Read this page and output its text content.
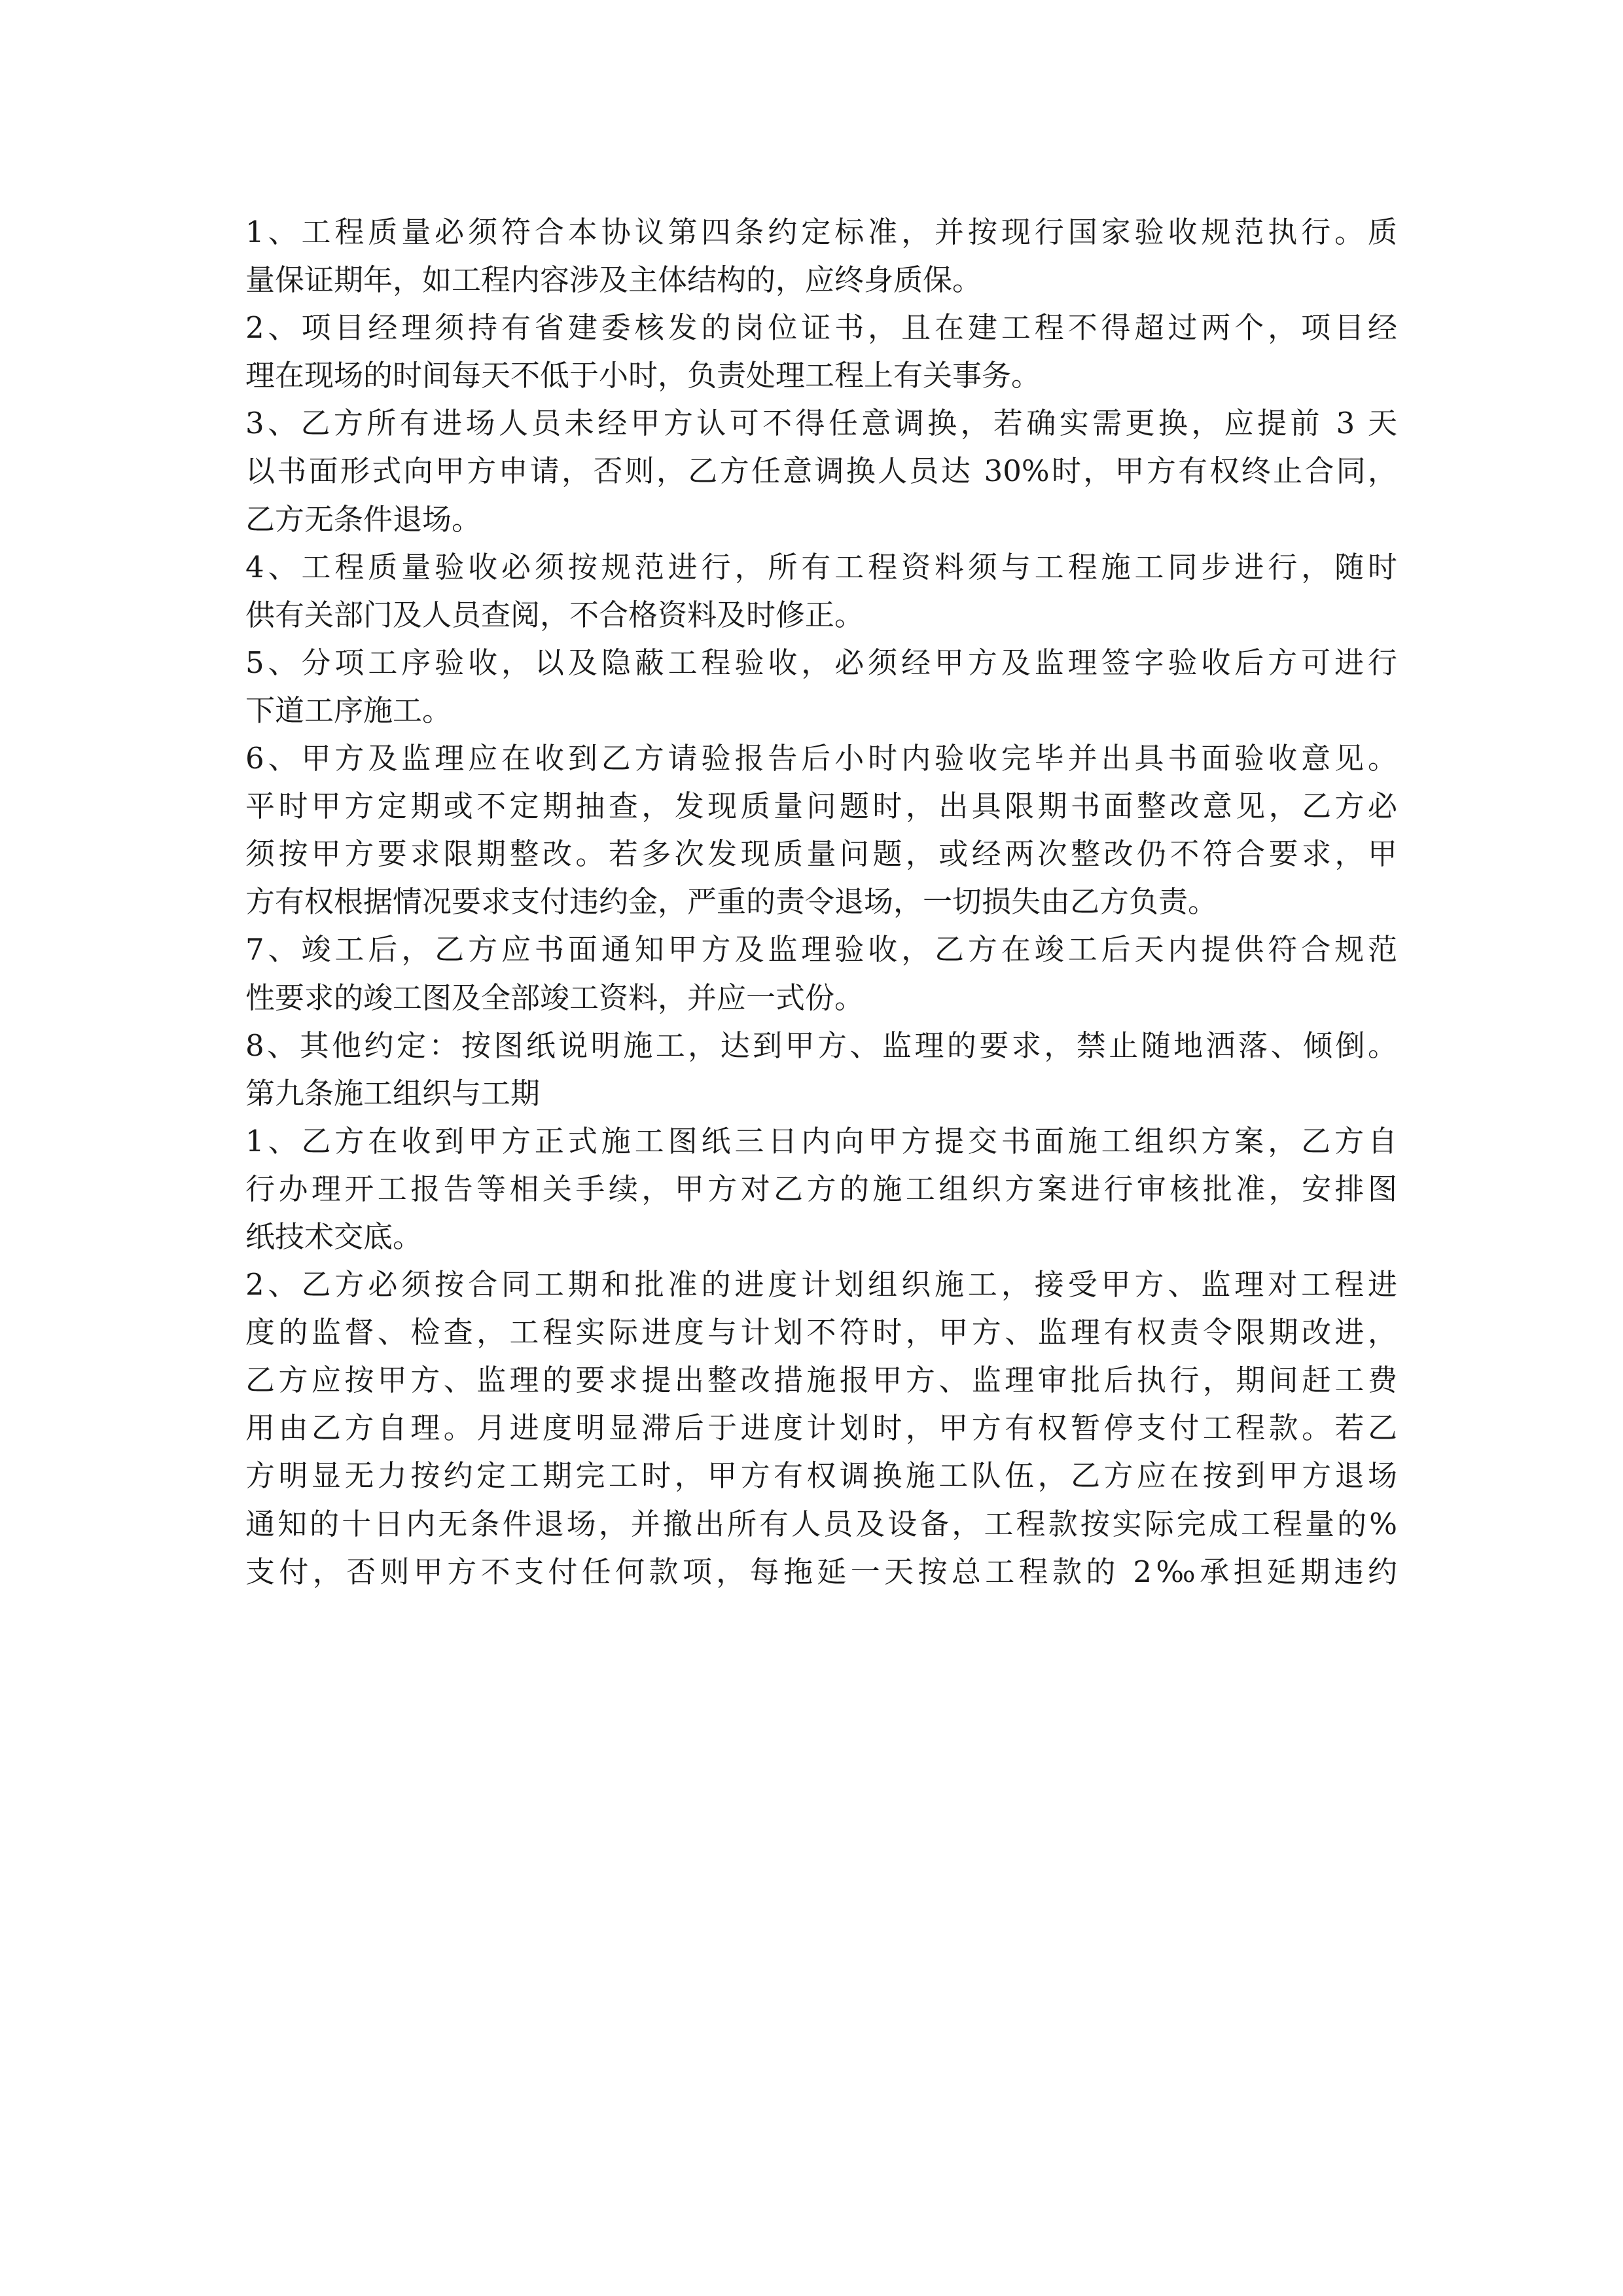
1、工程质量必须符合本协议第四条约定标准，并按现行国家验收规范执行。质
量保证期年，如工程内容涉及主体结构的，应终身质保。
2、项目经理须持有省建委核发的岗位证书，且在建工程不得超过两个，项目经
理在现场的时间每天不低于小时，负责处理工程上有关事务。
3、乙方所有进场人员未经甲方认可不得任意调换，若确实需更换，应提前 3 天
以书面形式向甲方申请，否则，乙方任意调换人员达 30%时，甲方有权终止合同，
乙方无条件退场。
4、工程质量验收必须按规范进行，所有工程资料须与工程施工同步进行，随时
供有关部门及人员查阅，不合格资料及时修正。
5、分项工序验收，以及隐蔽工程验收，必须经甲方及监理签字验收后方可进行
下道工序施工。
6、甲方及监理应在收到乙方请验报告后小时内验收完毕并出具书面验收意见。
平时甲方定期或不定期抽查，发现质量问题时，出具限期书面整改意见，乙方必
须按甲方要求限期整改。若多次发现质量问题，或经两次整改仍不符合要求，甲
方有权根据情况要求支付违约金，严重的责令退场，一切损失由乙方负责。
7、竣工后，乙方应书面通知甲方及监理验收，乙方在竣工后天内提供符合规范
性要求的竣工图及全部竣工资料，并应一式份。
8、其他约定：按图纸说明施工，达到甲方、监理的要求，禁止随地洒落、倾倒。
第九条施工组织与工期
1、乙方在收到甲方正式施工图纸三日内向甲方提交书面施工组织方案，乙方自
行办理开工报告等相关手续，甲方对乙方的施工组织方案进行审核批准，安排图
纸技术交底。
2、乙方必须按合同工期和批准的进度计划组织施工，接受甲方、监理对工程进
度的监督、检查，工程实际进度与计划不符时，甲方、监理有权责令限期改进，
乙方应按甲方、监理的要求提出整改措施报甲方、监理审批后执行，期间赶工费
用由乙方自理。月进度明显滞后于进度计划时，甲方有权暂停支付工程款。若乙
方明显无力按约定工期完工时，甲方有权调换施工队伍，乙方应在按到甲方退场
通知的十日内无条件退场，并撤出所有人员及设备，工程款按实际完成工程量的%
支付，否则甲方不支付任何款项，每拖延一天按总工程款的 2‰承担延期违约
